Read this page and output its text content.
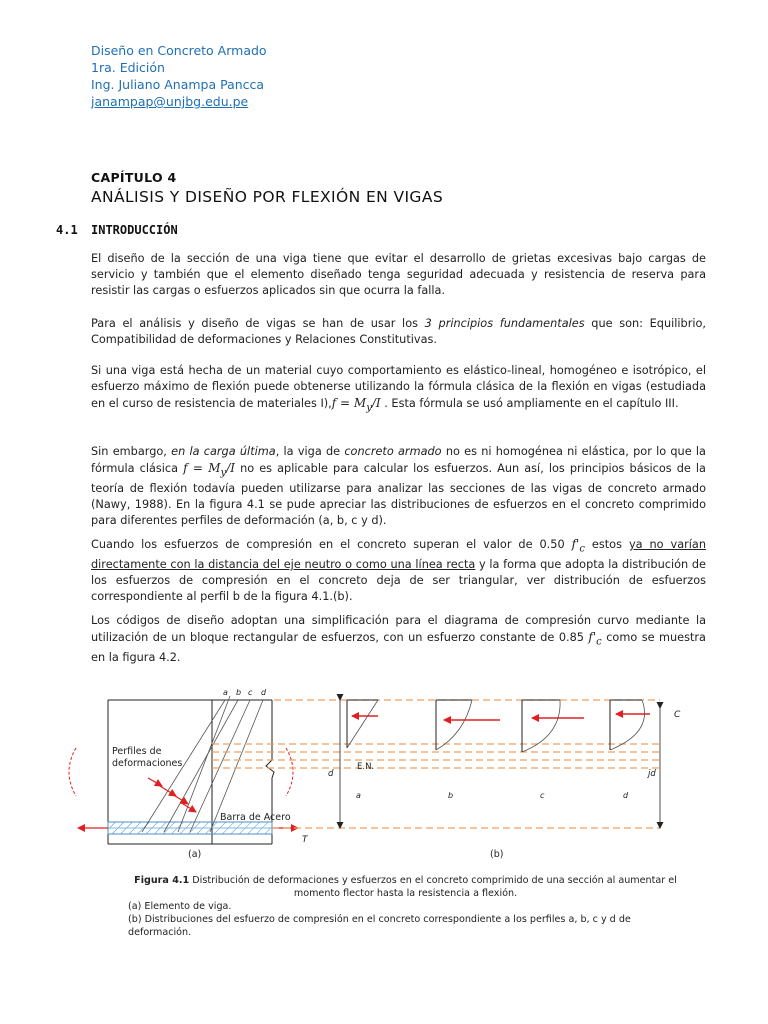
Diseño en Concreto Armado
1ra. Edición
Ing. Juliano Anampa Pancca
janampap@unjbg.edu.pe
CAPÍTULO 4
ANÁLISIS Y DISEÑO POR FLEXIÓN EN VIGAS
4.1 INTRODUCCIÓN
El diseño de la sección de una viga tiene que evitar el desarrollo de grietas excesivas bajo cargas de servicio y también que el elemento diseñado tenga seguridad adecuada y resistencia de reserva para resistir las cargas o esfuerzos aplicados sin que ocurra la falla.
Para el análisis y diseño de vigas se han de usar los 3 principios fundamentales que son: Equilibrio, Compatibilidad de deformaciones y Relaciones Constitutivas.
Si una viga está hecha de un material cuyo comportamiento es elástico-lineal, homogéneo e isotrópico, el esfuerzo máximo de flexión puede obtenerse utilizando la fórmula clásica de la flexión en vigas (estudiada en el curso de resistencia de materiales $I),f = M_y/I$ . Esta fórmula se usó ampliamente en el capítulo III.
Sin embargo, en la carga última, la viga de concreto armado no es ni homogénea ni elástica, por lo que la fórmula clásica $f = M_y/I$ no es aplicable para calcular los esfuerzos. Aun así, los principios básicos de la teoría de flexión todavía pueden utilizarse para analizar las secciones de las vigas de concreto armado (Nawy, 1988). En la figura 4.1 se pude apreciar las distribuciones de esfuerzos en el concreto comprimido para diferentes perfiles de deformación (a, b, c y d).
Cuando los esfuerzos de compresión en el concreto superan el valor de 0.50 $f'_c$ estos ya no varían directamente con la distancia del eje neutro o como una línea recta y la forma que adopta la distribución de los esfuerzos de compresión en el concreto deja de ser triangular, ver distribución de esfuerzos correspondiente al perfil b de la figura 4.1.(b).
Los códigos de diseño adoptan una simplificación para el diagrama de compresión curvo mediante la utilización de un bloque rectangular de esfuerzos, con un esfuerzo constante de 0.85 $f'_c$ como se muestra en la figura 4.2.
a b c d
Perfiles de
deformaciones
Barra de Acero
T
(a)
d	jd
E.N.
a	b	c	d
C
(b)
Figura 4.1 Distribución de deformaciones y esfuerzos en el concreto comprimido de una sección al aumentar el momento flector hasta la resistencia a flexión.
(a) Elemento de viga.
(b) Distribuciones del esfuerzo de compresión en el concreto correspondiente a los perfiles a, b, c y d de deformación.
